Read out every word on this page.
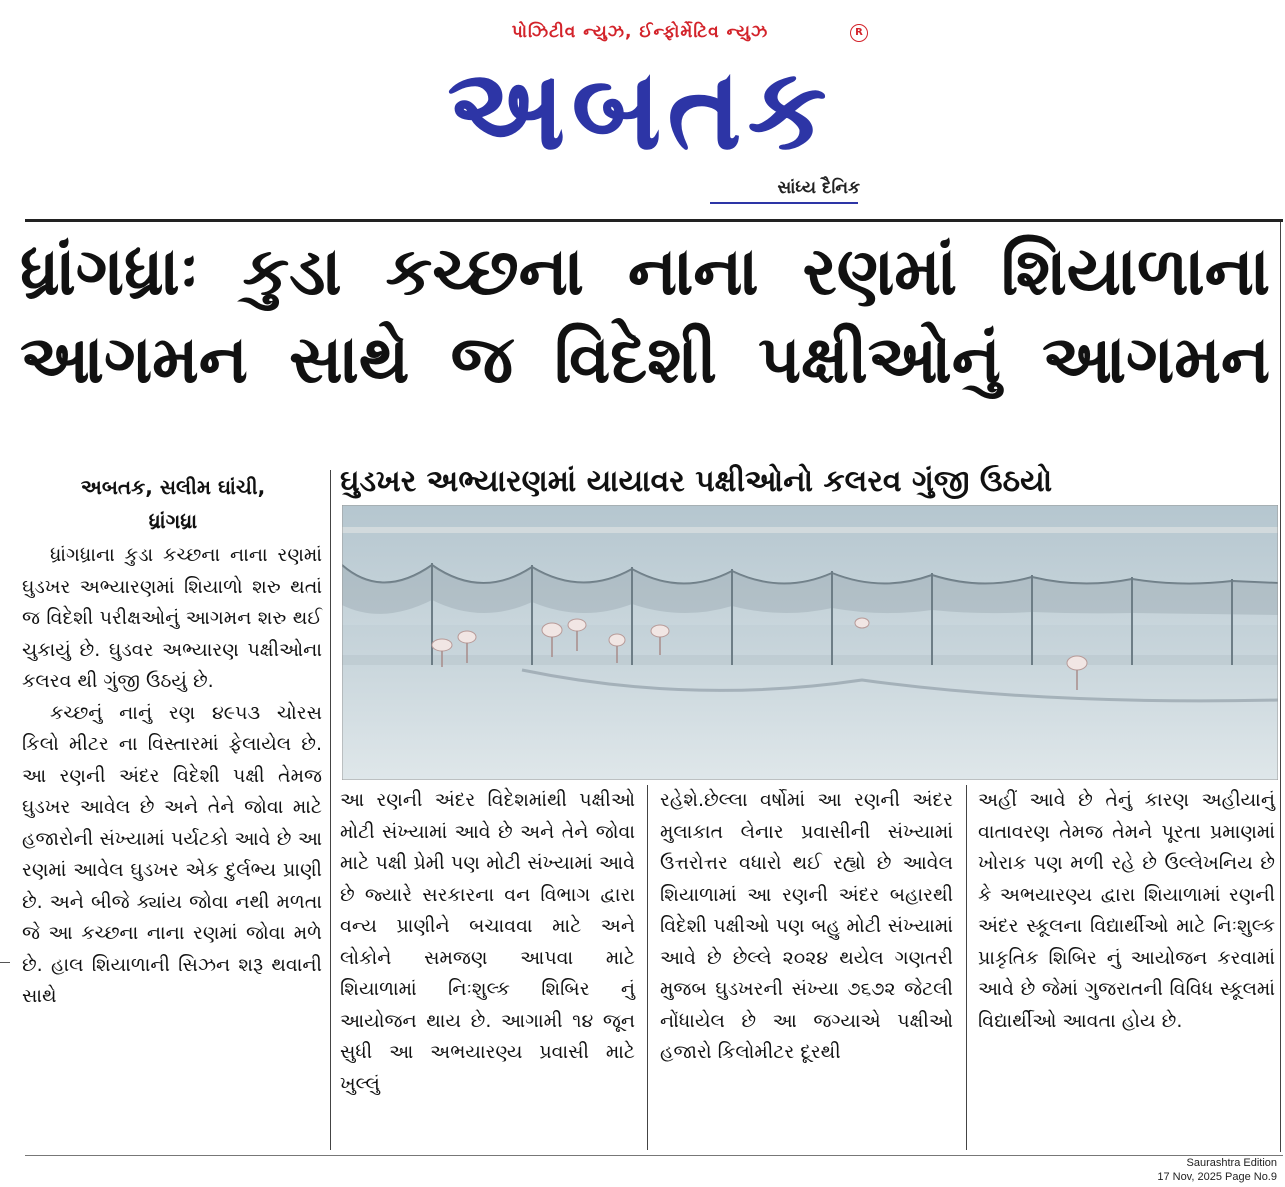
પોઝિટીવ ન્યુઝ, ઈન્ફોર્મેટિવ ન્યુઝ	R
અબતક
સાંધ્ય દૈનિક
ધ્રાંગધ્રાઃ કુડા કચ્છના નાના રણમાં શિયાળાના
આગમન સાથે જ વિદેશી પક્ષીઓનું આગમન
અબતક, સલીમ ઘાંચી,
ધ્રાંગધ્રા
ઘુડખર અભ્યારણમાં યાયાવર પક્ષીઓનો કલરવ ગુંજી ઉઠયો

ધ્રાંગધ્રાના કુડા કચ્છના નાના રણમાં ઘુડખર અભ્યારણમાં શિયાળો શરુ થતાં જ વિદેશી પરીક્ષઓનું આગમન શરુ થઈ ચુકાયું છે. ઘુડવર અભ્યારણ પક્ષીઓના કલરવ થી ગુંજી ઉઠયું છે.

કચ્છનું નાનું રણ ૪૯૫૩ ચોરસ કિલો મીટર ના વિસ્તારમાં ફેલાયેલ છે. આ રણની અંદર વિદેશી પક્ષી તેમજ ઘુડખર આવેલ છે અને તેને જોવા માટે હજારોની સંખ્યામાં પર્યટકો આવે છે આ રણમાં આવેલ ઘુડખર એક દુર્લભ્ય પ્રાણી છે. અને બીજે ક્યાંય જોવા નથી મળતા જે આ કચ્છના નાના રણમાં જોવા મળે છે. હાલ શિયાળાની સિઝન શરૂ થવાની સાથે

આ રણની અંદર વિદેશમાંથી પક્ષીઓ મોટી સંખ્યામાં આવે છે અને તેને જોવા માટે પક્ષી પ્રેમી પણ મોટી સંખ્યામાં આવે છે જ્યારે સરકારના વન વિભાગ દ્વારા વન્ય પ્રાણીને બચાવવા માટે અને લોકોને સમજણ આપવા માટે શિયાળામાં નિઃશુલ્ક શિબિર નું આયોજન થાય છે. આગામી ૧૪ જૂન સુધી આ અભયારણ્ય પ્રવાસી માટે ખુલ્લું

રહેશે.છેલ્લા વર્ષોમાં આ રણની અંદર મુલાકાત લેનાર પ્રવાસીની સંખ્યામાં ઉત્તરોત્તર વધારો થઈ રહ્યો છે આવેલ શિયાળામાં આ રણની અંદર બહારથી વિદેશી પક્ષીઓ પણ બહુ મોટી સંખ્યામાં આવે છે છેલ્લે ૨૦૨૪ થયેલ ગણતરી મુજબ ઘુડખરની સંખ્યા ૭૬૭૨ જેટલી નોંધાયેલ છે આ જગ્યાએ પક્ષીઓ હજારો કિલોમીટર દૂરથી

અહીં આવે છે તેનું કારણ અહીયાનું વાતાવરણ તેમજ તેમને પૂરતા પ્રમાણમાં ખોરાક પણ મળી રહે છે ઉલ્લેખનિય છે કે અભયારણ્ય દ્વારા શિયાળામાં રણની અંદર સ્કૂલના વિદ્યાર્થીઓ માટે નિઃશુલ્ક પ્રાકૃતિક શિબિર નું આયોજન કરવામાં આવે છે જેમાં ગુજરાતની વિવિધ સ્કૂલમાં વિદ્યાર્થીઓ આવતા હોય છે.

Saurashtra Edition
17 Nov, 2025 Page No.9
